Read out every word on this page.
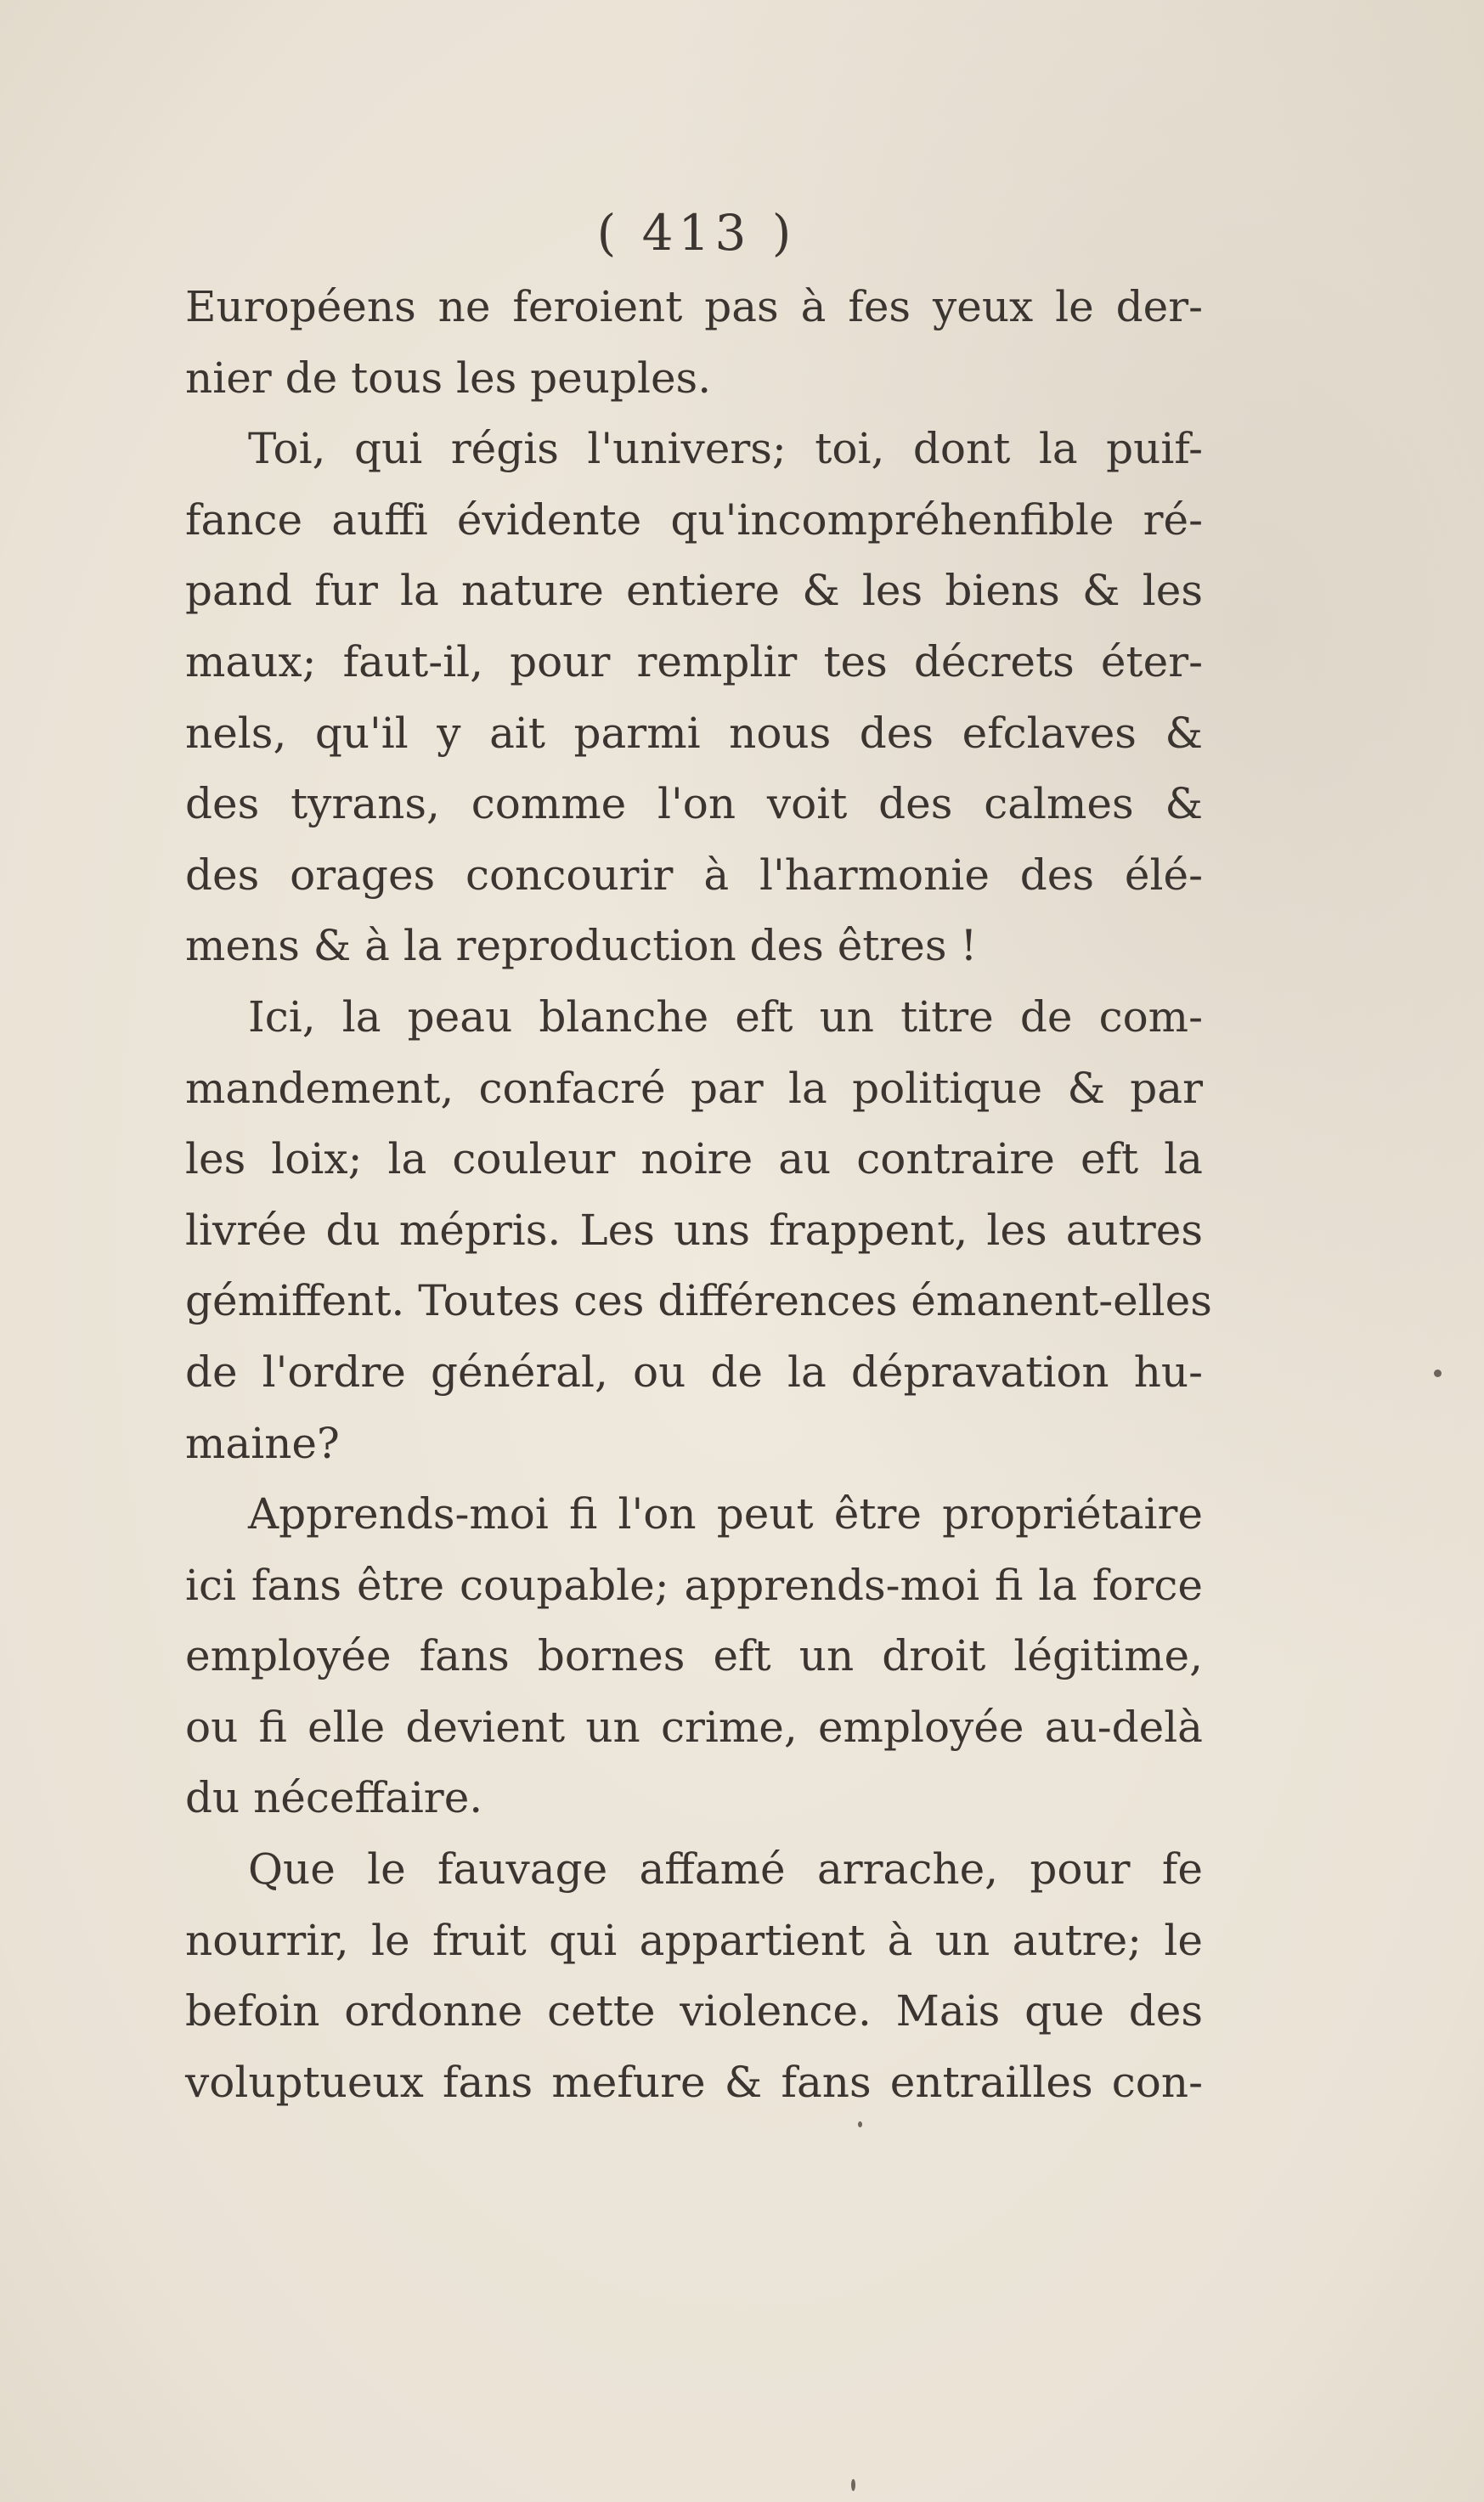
( 413 )
Européens ne feroient pas à fes yeux le der-
nier de tous les peuples.
Toi, qui régis l'univers; toi, dont la puif-
fance auffi évidente qu'incompréhenfible ré-
pand fur la nature entiere & les biens & les
maux; faut-il, pour remplir tes décrets éter-
nels, qu'il y ait parmi nous des efclaves &
des tyrans, comme l'on voit des calmes &
des orages concourir à l'harmonie des élé-
mens & à la reproduction des êtres !
Ici, la peau blanche eft un titre de com-
mandement, confacré par la politique & par
les loix; la couleur noire au contraire eft la
livrée du mépris. Les uns frappent, les autres
gémiffent. Toutes ces différences émanent-elles
de l'ordre général, ou de la dépravation hu-
maine?
Apprends-moi fi l'on peut être propriétaire
ici fans être coupable; apprends-moi fi la force
employée fans bornes eft un droit légitime,
ou fi elle devient un crime, employée au-delà
du néceffaire.
Que le fauvage affamé arrache, pour fe
nourrir, le fruit qui appartient à un autre; le
befoin ordonne cette violence. Mais que des
voluptueux fans mefure & fans entrailles con-
